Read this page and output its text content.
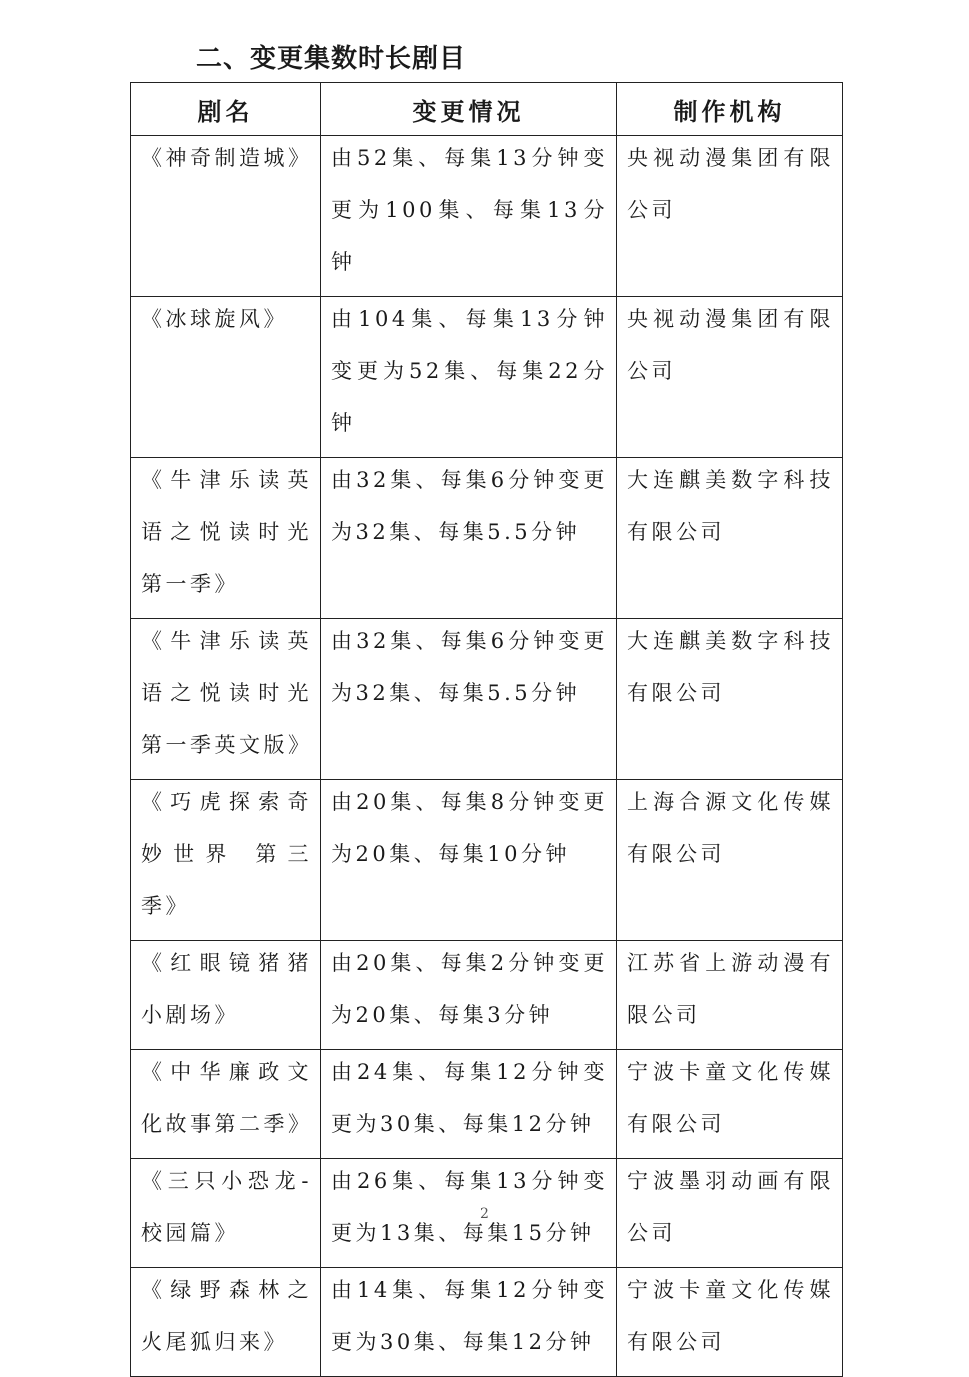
二、变更集数时长剧目
剧名	变更情况	制作机构

《神奇制造城》	由52集、每集13分钟变更为100集、每集13分钟	央视动漫集团有限公司

《冰球旋风》	由104集、每集13分钟变更为52集、每集22分钟	央视动漫集团有限公司

《牛津乐读英语之悦读时光第一季》	由32集、每集6分钟变更为32集、每集5.5分钟	大连麒美数字科技有限公司

《牛津乐读英语之悦读时光第一季英文版》	由32集、每集6分钟变更为32集、每集5.5分钟	大连麒美数字科技有限公司

《巧虎探索奇妙世界 第三季》	由20集、每集8分钟变更为20集、每集10分钟	上海合源文化传媒有限公司

《红眼镜猪猪小剧场》	由20集、每集2分钟变更为20集、每集3分钟	江苏省上游动漫有限公司

《中华廉政文化故事第二季》	由24集、每集12分钟变更为30集、每集12分钟	宁波卡童文化传媒有限公司

《三只小恐龙-校园篇》	由26集、每集13分钟变更为13集、每集15分钟	宁波墨羽动画有限公司

《绿野森林之火尾狐归来》	由14集、每集12分钟变更为30集、每集12分钟	宁波卡童文化传媒有限公司
2
